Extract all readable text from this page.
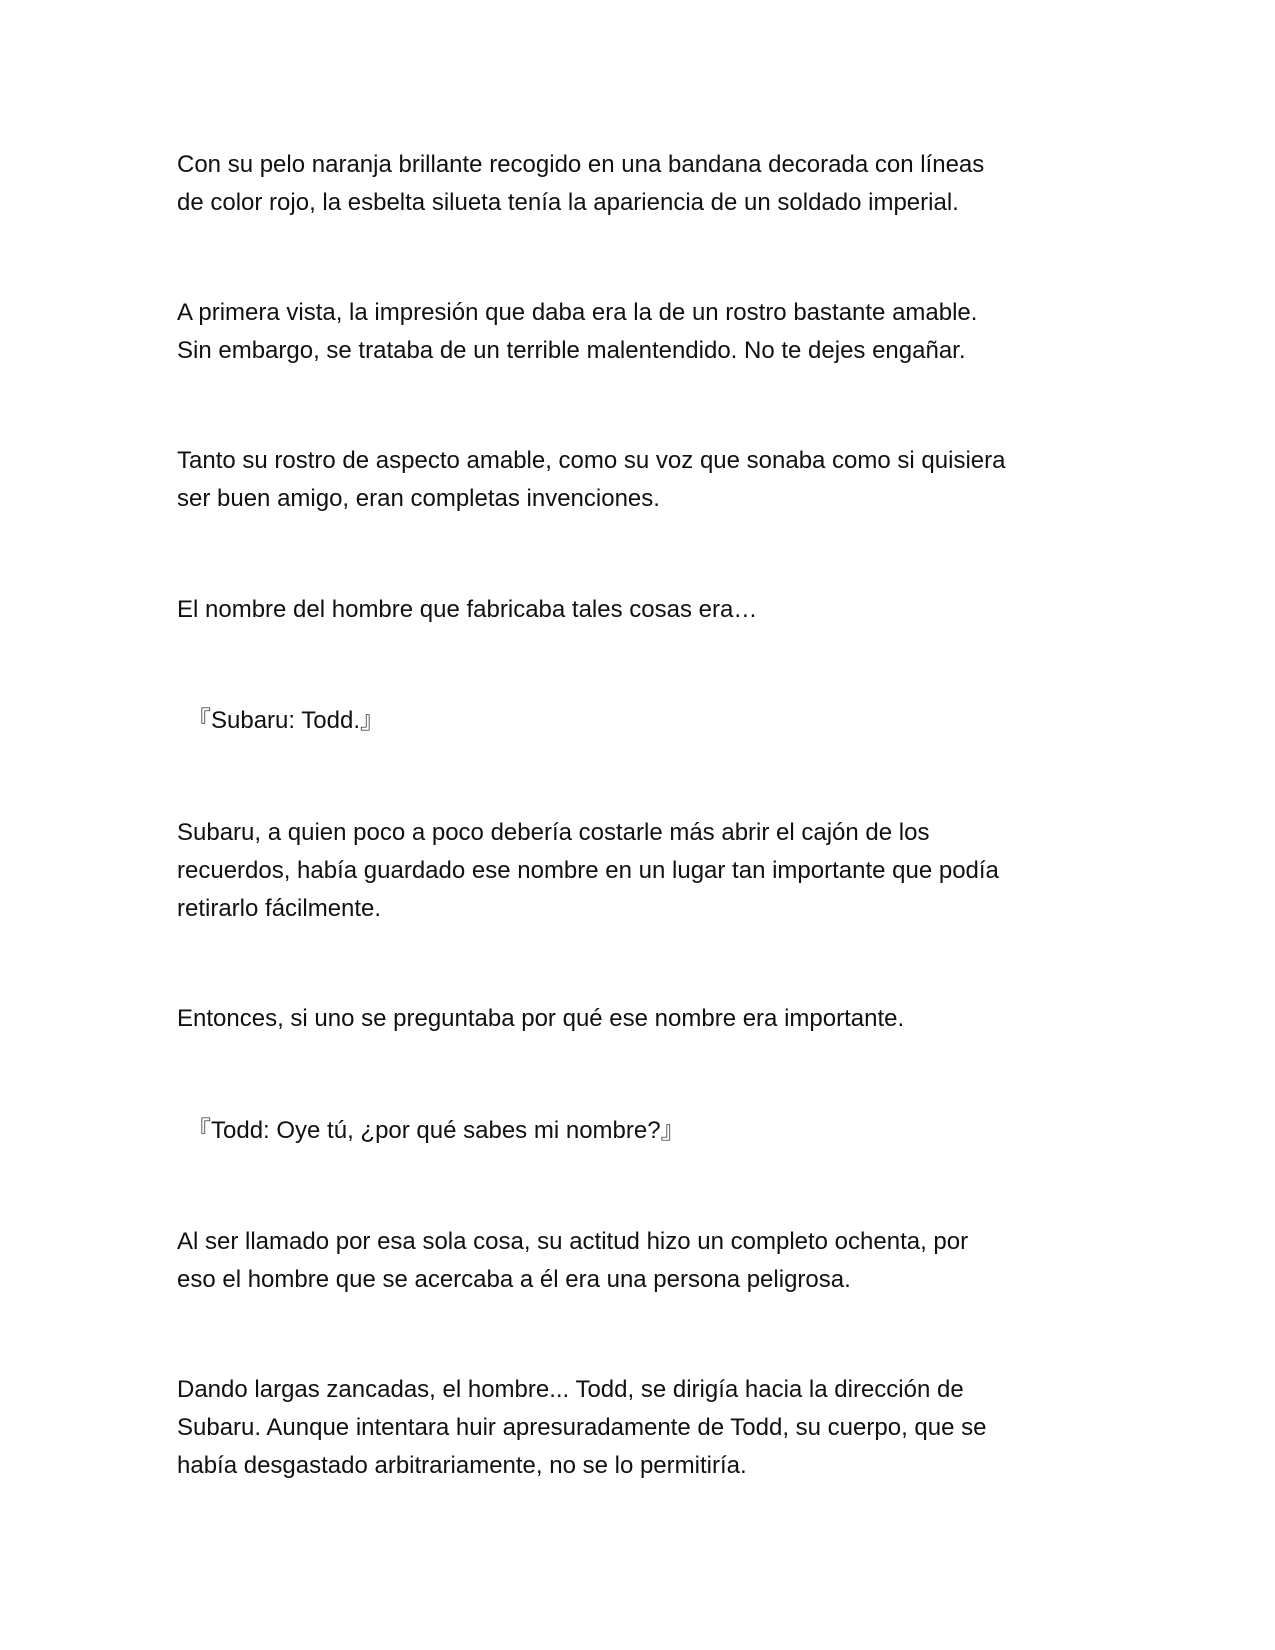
Con su pelo naranja brillante recogido en una bandana decorada con líneas
de color rojo, la esbelta silueta tenía la apariencia de un soldado imperial.

A primera vista, la impresión que daba era la de un rostro bastante amable.
Sin embargo, se trataba de un terrible malentendido. No te dejes engañar.

Tanto su rostro de aspecto amable, como su voz que sonaba como si quisiera
ser buen amigo, eran completas invenciones.

El nombre del hombre que fabricaba tales cosas era…

『Subaru: Todd.』

Subaru, a quien poco a poco debería costarle más abrir el cajón de los
recuerdos, había guardado ese nombre en un lugar tan importante que podía
retirarlo fácilmente.

Entonces, si uno se preguntaba por qué ese nombre era importante.

『Todd: Oye tú, ¿por qué sabes mi nombre?』

Al ser llamado por esa sola cosa, su actitud hizo un completo ochenta, por
eso el hombre que se acercaba a él era una persona peligrosa.

Dando largas zancadas, el hombre... Todd, se dirigía hacia la dirección de
Subaru. Aunque intentara huir apresuradamente de Todd, su cuerpo, que se
había desgastado arbitrariamente, no se lo permitiría.
